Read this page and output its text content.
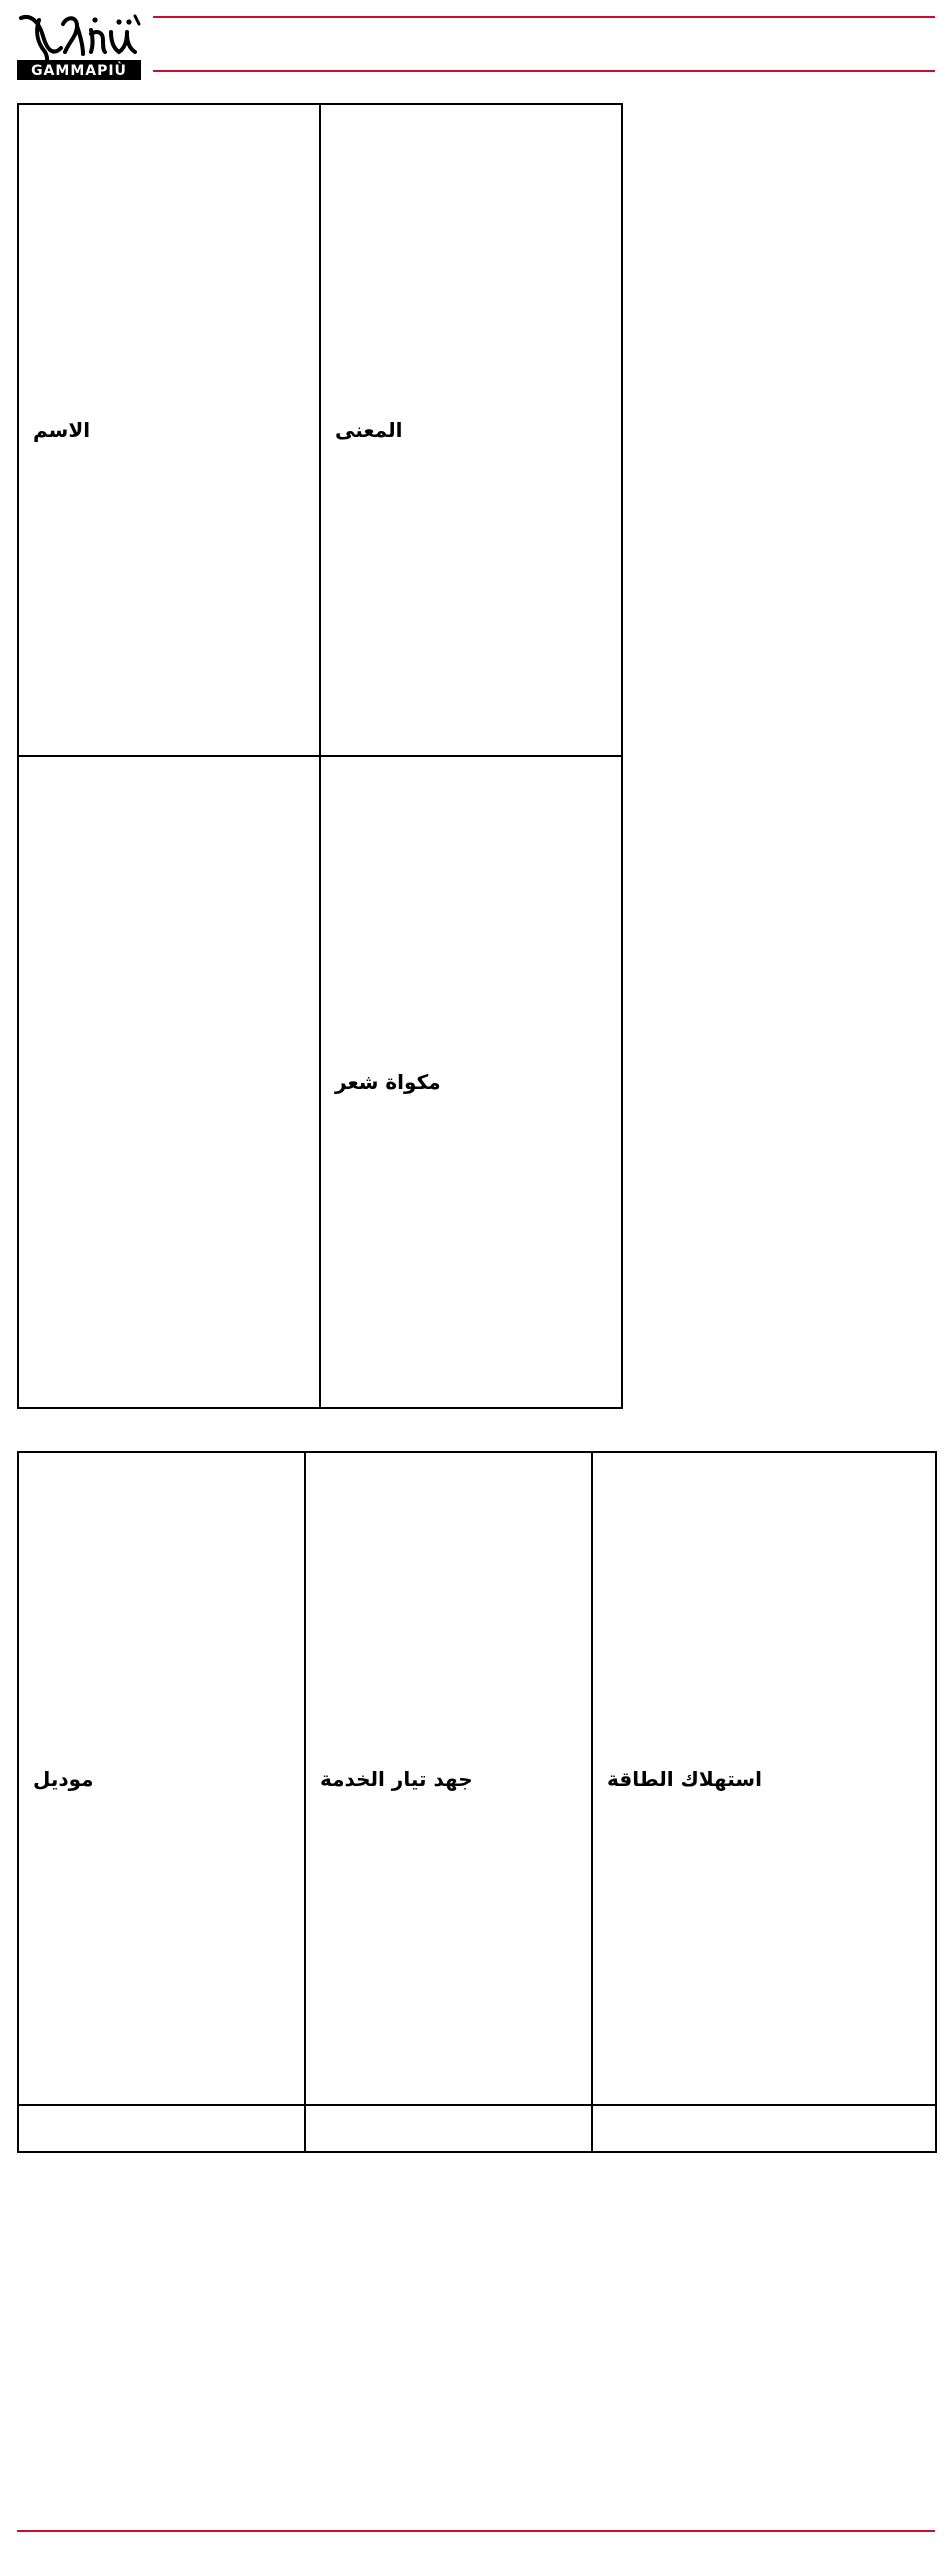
GAMMAPIÙ
الاسم	المعنى
	مكواة شعر
موديل	جهد تيار الخدمة	استهلاك الطاقة
